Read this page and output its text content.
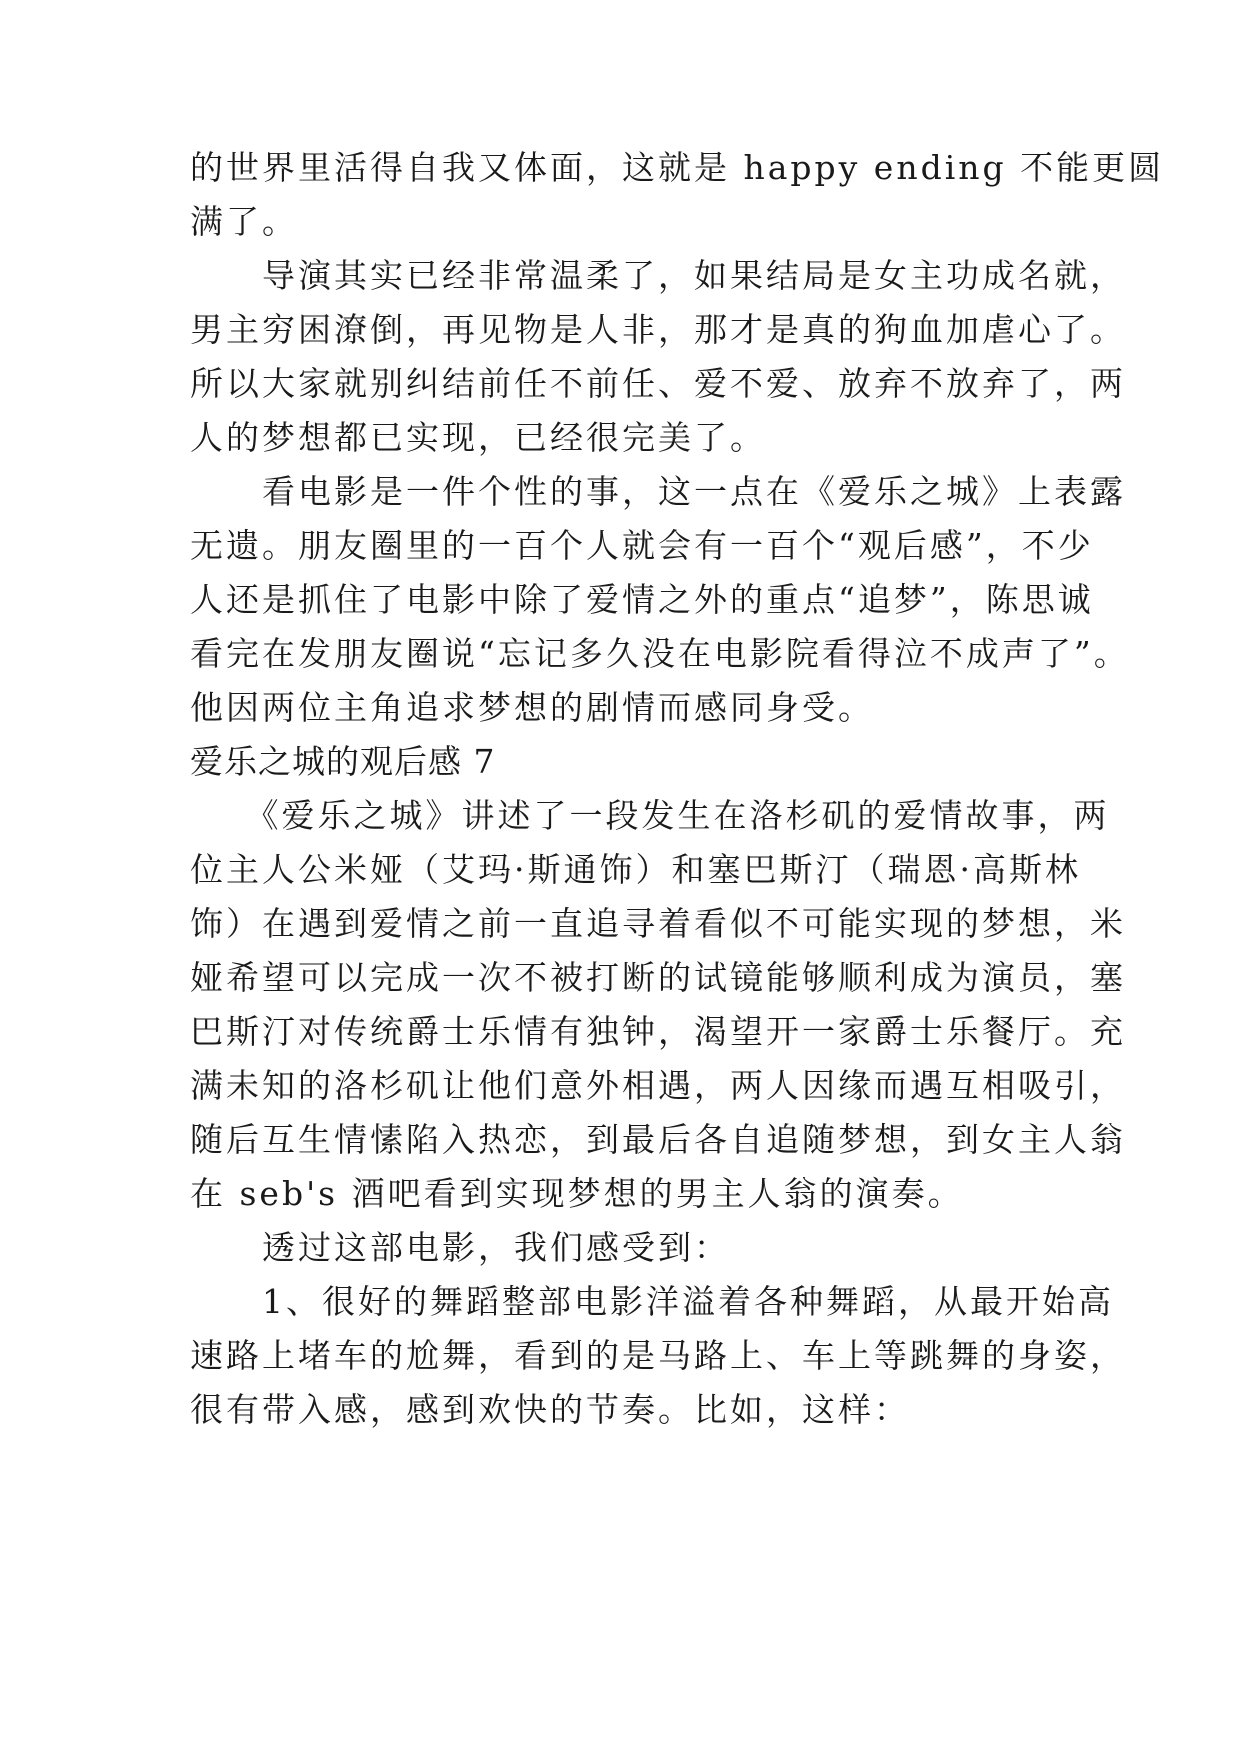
的世界里活得自我又体面，这就是 happy ending 不能更圆
满了。
　　导演其实已经非常温柔了，如果结局是女主功成名就，
男主穷困潦倒，再见物是人非，那才是真的狗血加虐心了。
所以大家就别纠结前任不前任、爱不爱、放弃不放弃了，两
人的梦想都已实现，已经很完美了。
　　看电影是一件个性的事，这一点在《爱乐之城》上表露
无遗。朋友圈里的一百个人就会有一百个“观后感”，不少
人还是抓住了电影中除了爱情之外的重点“追梦”，陈思诚
看完在发朋友圈说“忘记多久没在电影院看得泣不成声了”。
他因两位主角追求梦想的剧情而感同身受。
爱乐之城的观后感 7
　　《爱乐之城》讲述了一段发生在洛杉矶的爱情故事，两
位主人公米娅（艾玛·斯通饰）和塞巴斯汀（瑞恩·高斯林
饰）在遇到爱情之前一直追寻着看似不可能实现的梦想，米
娅希望可以完成一次不被打断的试镜能够顺利成为演员，塞
巴斯汀对传统爵士乐情有独钟，渴望开一家爵士乐餐厅。充
满未知的洛杉矶让他们意外相遇，两人因缘而遇互相吸引，
随后互生情愫陷入热恋，到最后各自追随梦想，到女主人翁
在 seb's 酒吧看到实现梦想的男主人翁的演奏。
　　透过这部电影，我们感受到：
　　1、很好的舞蹈整部电影洋溢着各种舞蹈，从最开始高
速路上堵车的尬舞，看到的是马路上、车上等跳舞的身姿，
很有带入感，感到欢快的节奏。比如，这样：
